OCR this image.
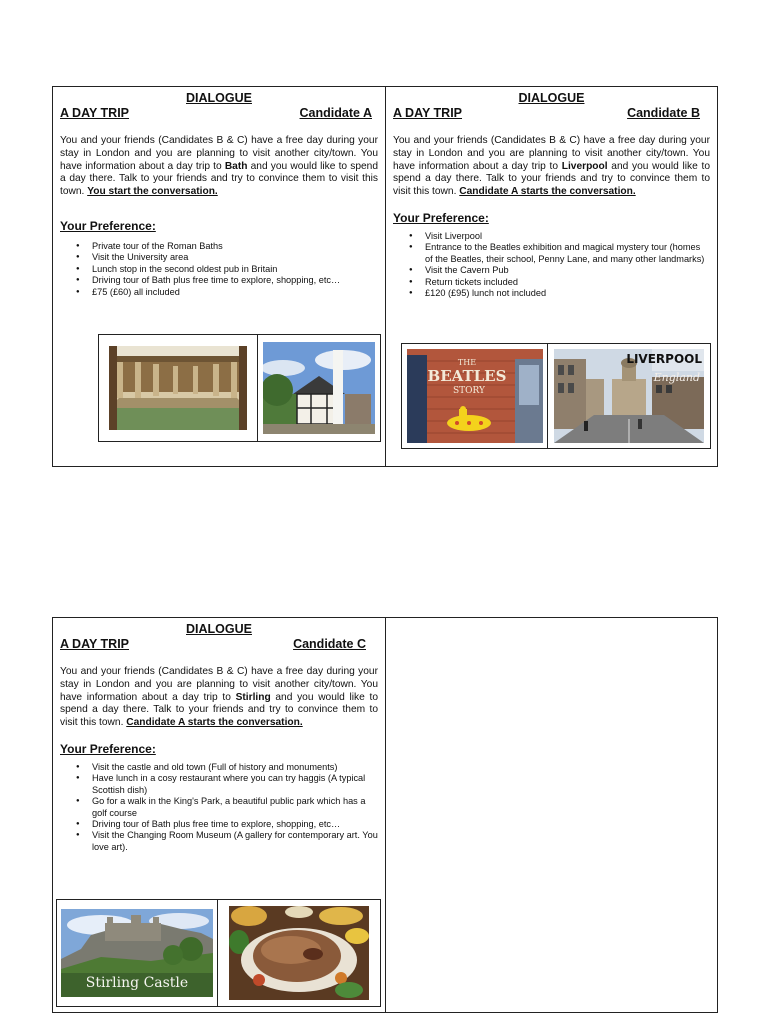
DIALOGUE
A DAY TRIP	Candidate A

You and your friends (Candidates B & C) have a free day during your stay in London and you are planning to visit another city/town. You have information about a day trip to Bath and you would like to spend a day there. Talk to your friends and try to convince them to visit this town. You start the conversation.

Your Preference:
● Private tour of the Roman Baths
● Visit the University area
● Lunch stop in the second oldest pub in Britain
● Driving tour of Bath plus free time to explore, shopping, etc…
● £75 (£60) all included
DIALOGUE
A DAY TRIP	Candidate B

You and your friends (Candidates B & C) have a free day during your stay in London and you are planning to visit another city/town. You have information about a day trip to Liverpool and you would like to spend a day there. Talk to your friends and try to convince them to visit this town. Candidate A starts the conversation.

Your Preference:
● Visit Liverpool
● Entrance to the Beatles exhibition and magical mystery tour (homes of the Beatles, their school, Penny Lane, and many other landmarks)
● Visit the Cavern Pub
● Return tickets included
● £120 (£95) lunch not included
THE
BEATLES
STORY
LIVERPOOL
England
DIALOGUE
A DAY TRIP	Candidate C

You and your friends (Candidates B & C) have a free day during your stay in London and you are planning to visit another city/town. You have information about a day trip to Stirling and you would like to spend a day there. Talk to your friends and try to convince them to visit this town. Candidate A starts the conversation.

Your Preference:
● Visit the castle and old town (Full of history and monuments)
● Have lunch in a cosy restaurant where you can try haggis (A typical Scottish dish)
● Go for a walk in the King's Park, a beautiful public park which has a golf course
● Driving tour of Bath plus free time to explore, shopping, etc…
● Visit the Changing Room Museum (A gallery for contemporary art. You love art).
Stirling Castle
